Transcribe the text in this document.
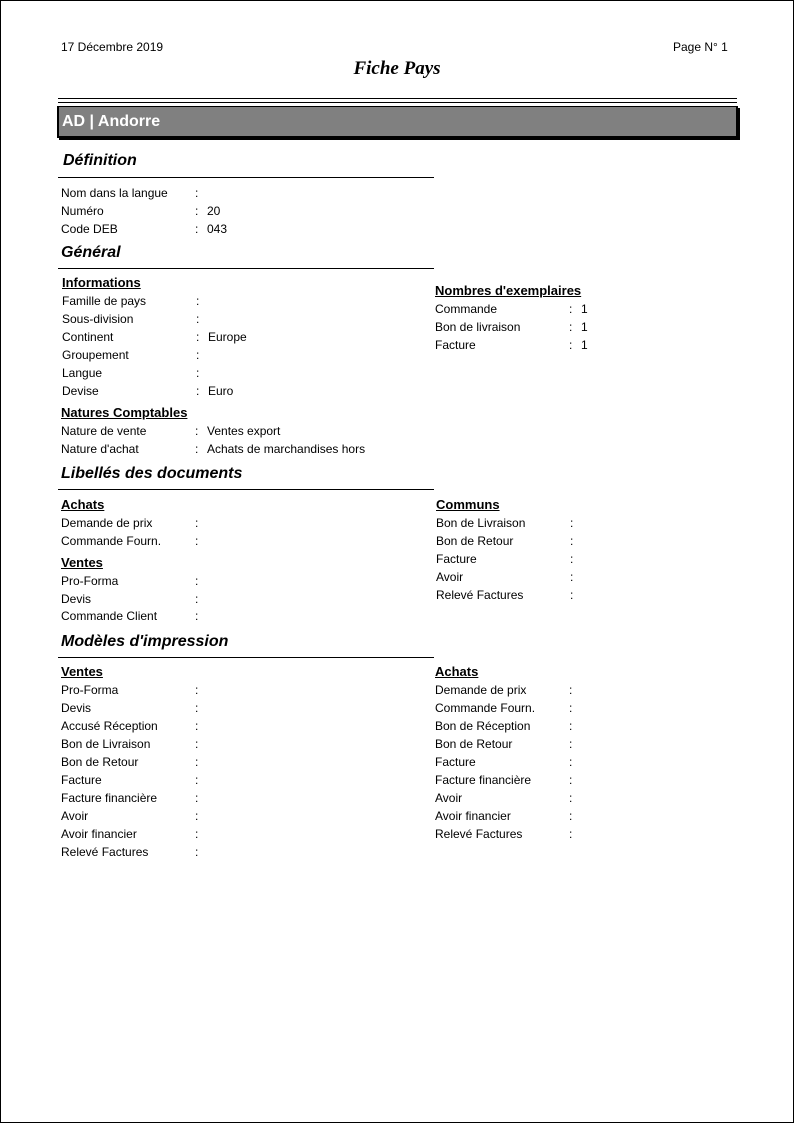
17 Décembre 2019	Page N° 1
Fiche Pays
AD | Andorre
Définition
Nom dans la langue :
Numéro	: 20
Code DEB	: 043
Général
Informations
Famille de pays	:
Sous-division	:
Continent	: Europe
Groupement	:
Langue	:
Devise	: Euro
Natures Comptables
Nature de vente	: Ventes export
Nature d'achat	: Achats de marchandises hors
Nombres d'exemplaires
Commande	: 1
Bon de livraison	: 1
Facture	: 1
Libellés des documents
Achats
Demande de prix	:
Commande Fourn.	:
Ventes
Pro-Forma	:
Devis	:
Commande Client	:
Communs
Bon de Livraison	:
Bon de Retour	:
Facture	:
Avoir	:
Relevé Factures	:
Modèles d'impression
Ventes
Pro-Forma	:
Devis	:
Accusé Réception	:
Bon de Livraison	:
Bon de Retour	:
Facture	:
Facture financière	:
Avoir	:
Avoir financier	:
Relevé Factures	:
Achats
Demande de prix	:
Commande Fourn.	:
Bon de Réception	:
Bon de Retour	:
Facture	:
Facture financière	:
Avoir	:
Avoir financier	:
Relevé Factures	:
